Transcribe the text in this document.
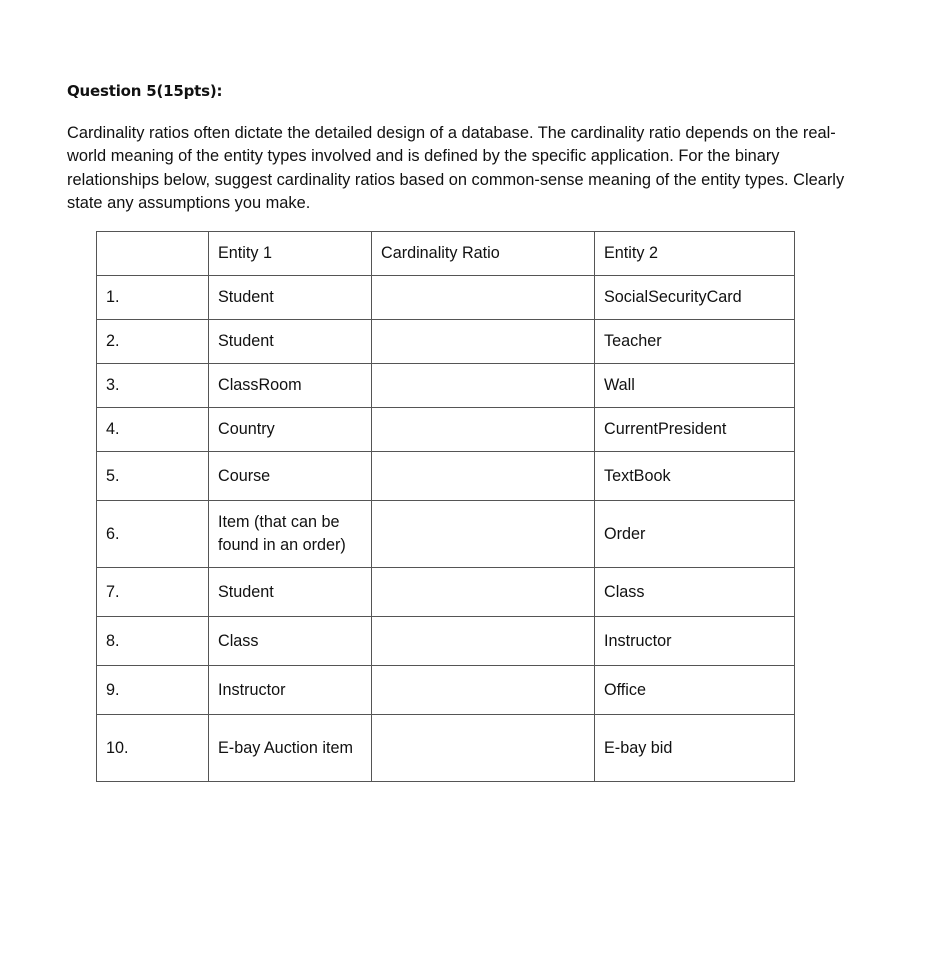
Question 5(15pts):
Cardinality ratios often dictate the detailed design of a database. The cardinality ratio depends on the real-world meaning of the entity types involved and is defined by the specific application. For the binary relationships below, suggest cardinality ratios based on common-sense meaning of the entity types. Clearly state any assumptions you make.
	Entity 1	Cardinality Ratio	Entity 2
1.	Student		SocialSecurityCard
2.	Student		Teacher
3.	ClassRoom		Wall
4.	Country		CurrentPresident
5.	Course		TextBook
6.	Item (that can be found in an order)		Order
7.	Student		Class
8.	Class		Instructor
9.	Instructor		Office
10.	E-bay Auction item		E-bay bid
